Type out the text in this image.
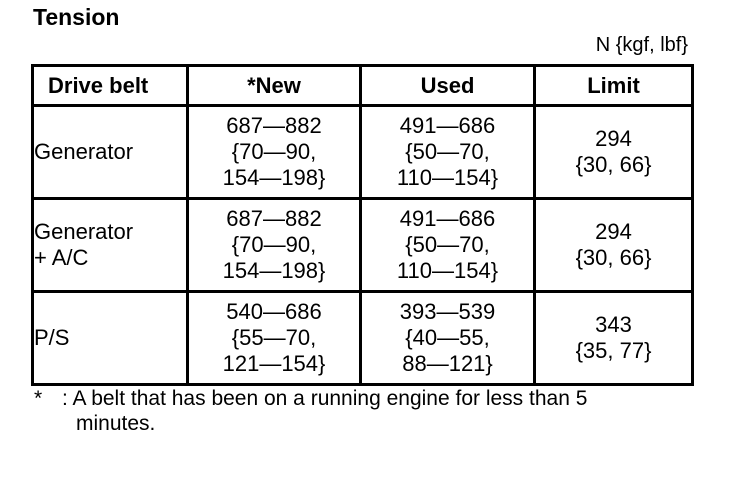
Tension
N {kgf, lbf}
Drive belt	*New	Used	Limit

Generator	687—882
{70—90,
154—198}	491—686
{50—70,
110—154}	294
{30, 66}

Generator
+ A/C	687—882
{70—90,
154—198}	491—686
{50—70,
110—154}	294
{30, 66}

P/S	540—686
{55—70,
121—154}	393—539
{40—55,
88—121}	343
{35, 77}
* : A belt that has been on a running engine for less than 5
minutes.
